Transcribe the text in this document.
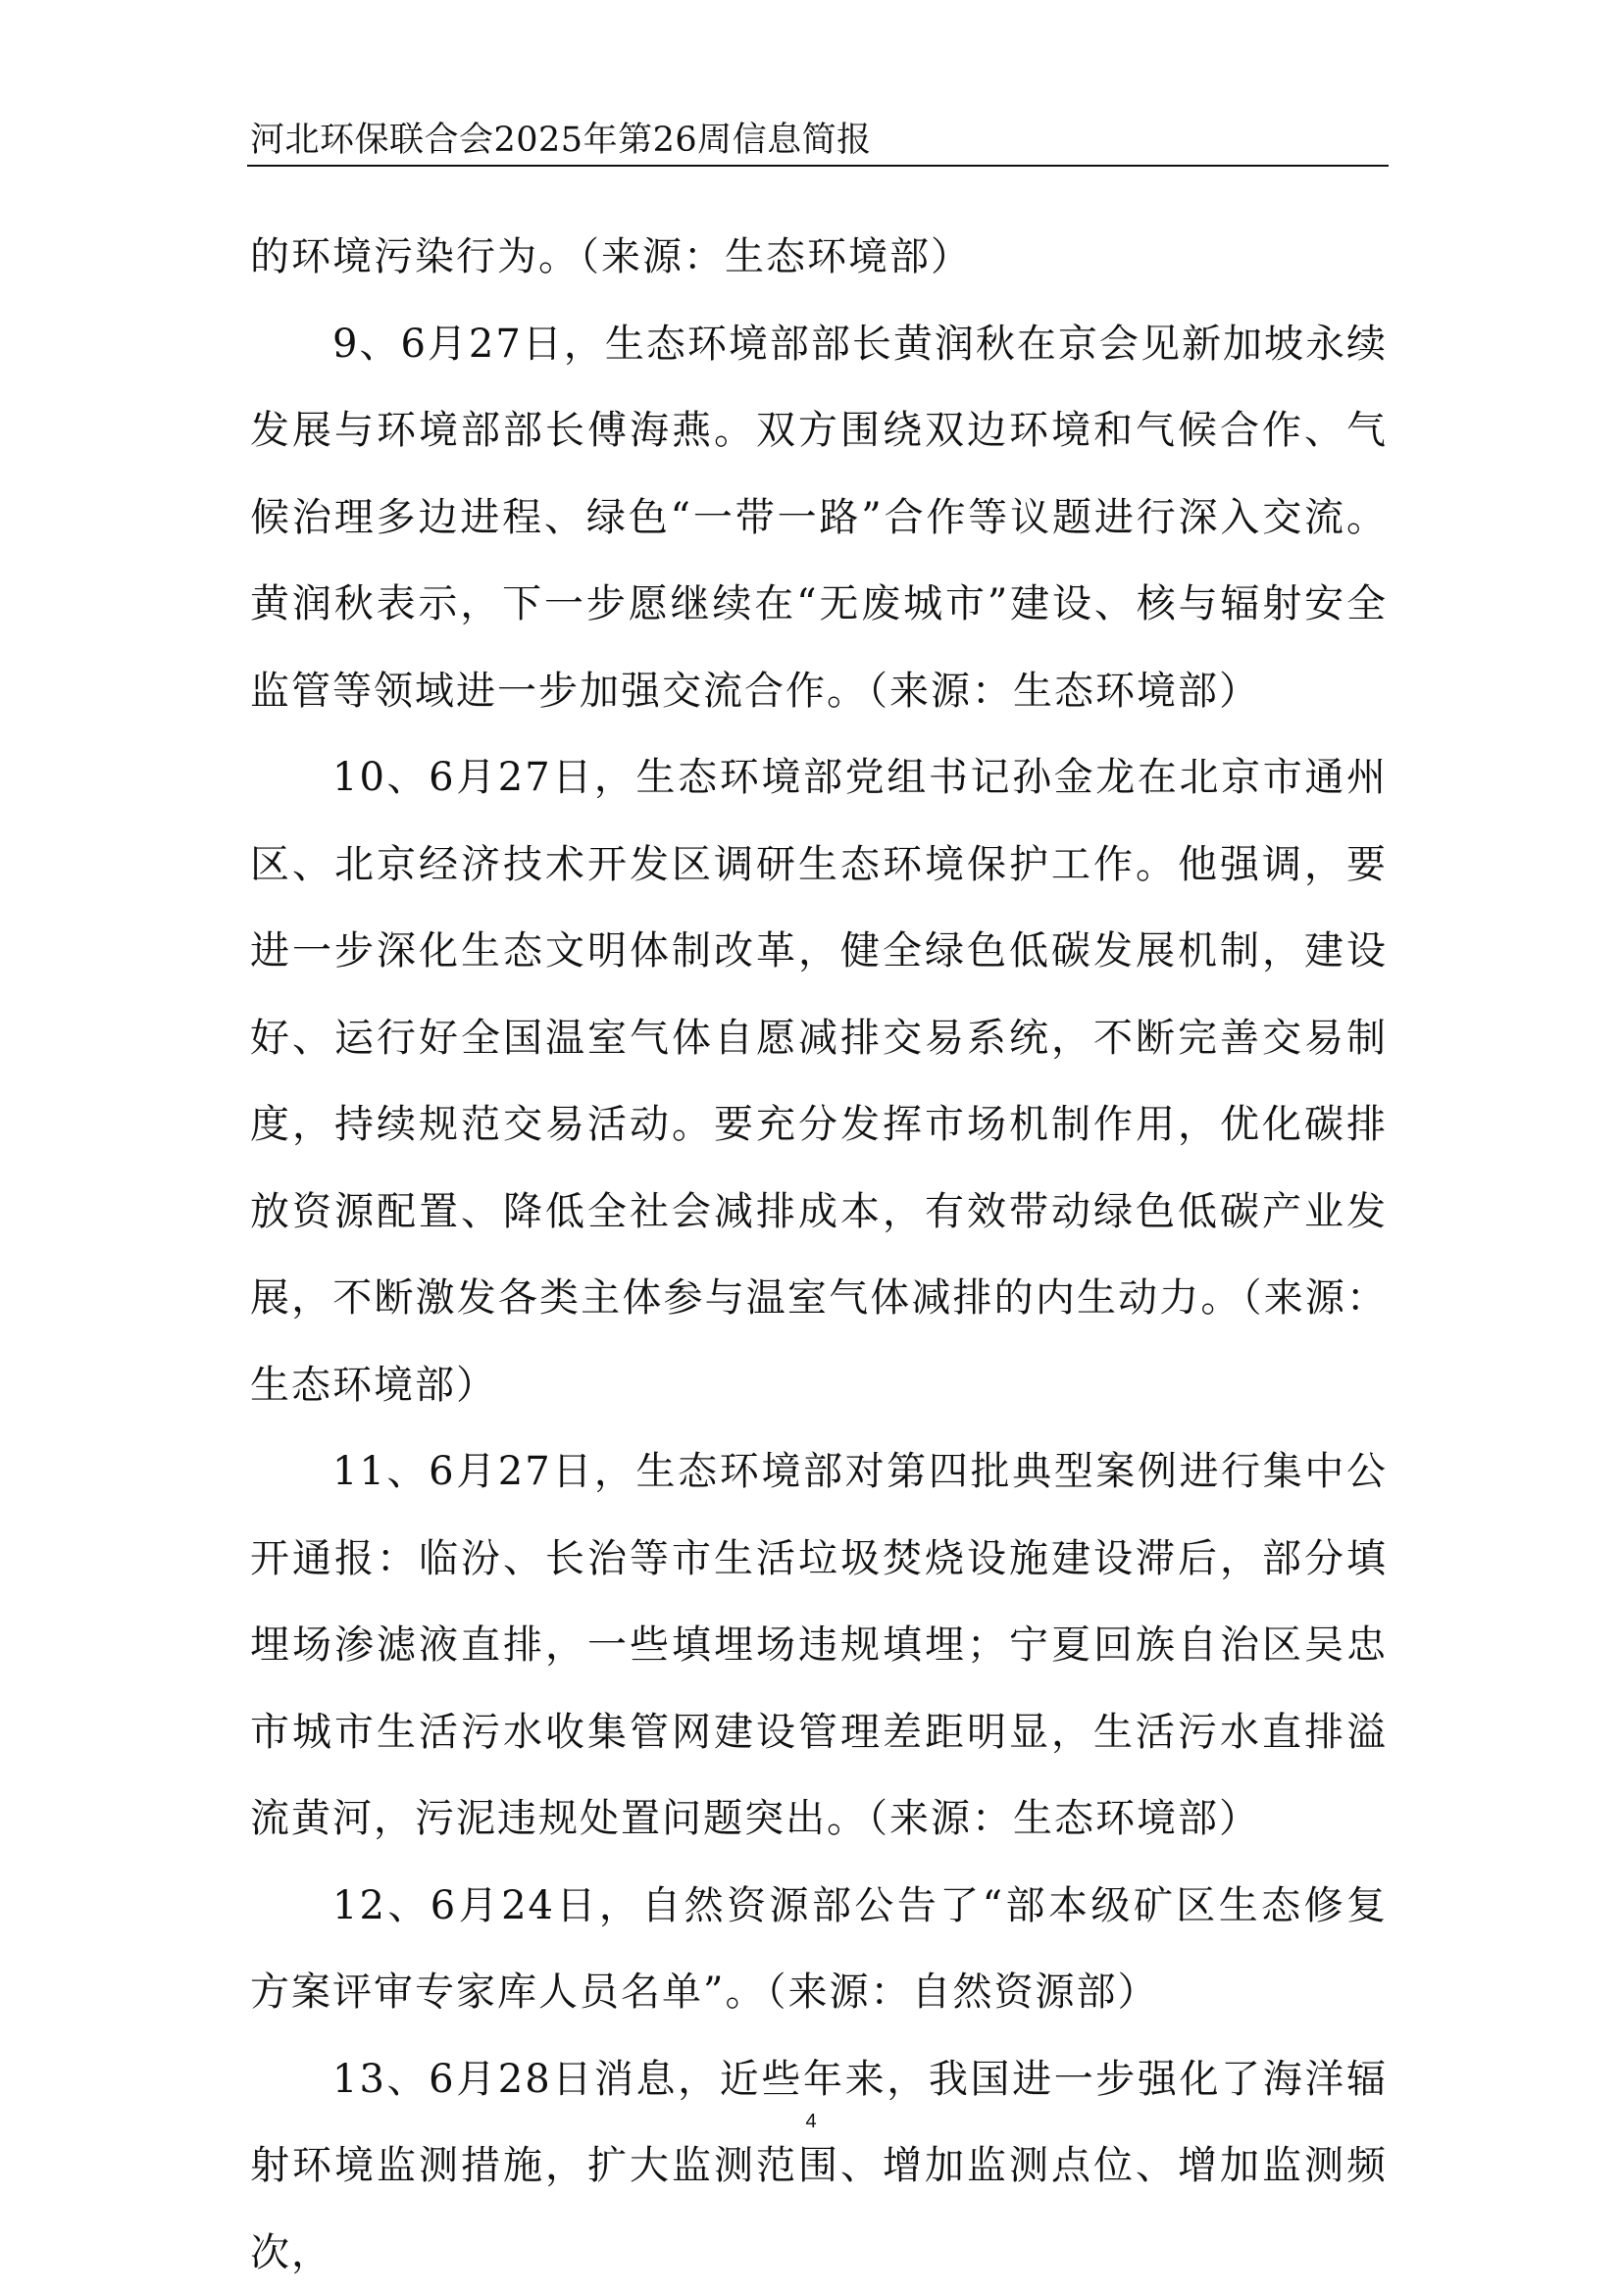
河北环保联合会2025年第26周信息简报

的环境污染行为。（来源：生态环境部）

9、6月27日，生态环境部部长黄润秋在京会见新加坡永续发展与环境部部长傅海燕。双方围绕双边环境和气候合作、气候治理多边进程、绿色“一带一路”合作等议题进行深入交流。黄润秋表示，下一步愿继续在“无废城市”建设、核与辐射安全监管等领域进一步加强交流合作。（来源：生态环境部）

10、6月27日，生态环境部党组书记孙金龙在北京市通州区、北京经济技术开发区调研生态环境保护工作。他强调，要进一步深化生态文明体制改革，健全绿色低碳发展机制，建设好、运行好全国温室气体自愿减排交易系统，不断完善交易制度，持续规范交易活动。要充分发挥市场机制作用，优化碳排放资源配置、降低全社会减排成本，有效带动绿色低碳产业发展，不断激发各类主体参与温室气体减排的内生动力。（来源：生态环境部）

11、6月27日，生态环境部对第四批典型案例进行集中公开通报：临汾、长治等市生活垃圾焚烧设施建设滞后，部分填埋场渗滤液直排，一些填埋场违规填埋；宁夏回族自治区吴忠市城市生活污水收集管网建设管理差距明显，生活污水直排溢流黄河，污泥违规处置问题突出。（来源：生态环境部）

12、6月24日，自然资源部公告了“部本级矿区生态修复方案评审专家库人员名单”。（来源：自然资源部）

13、6月28日消息，近些年来，我国进一步强化了海洋辐射环境监测措施，扩大监测范围、增加监测点位、增加监测频次，

4
